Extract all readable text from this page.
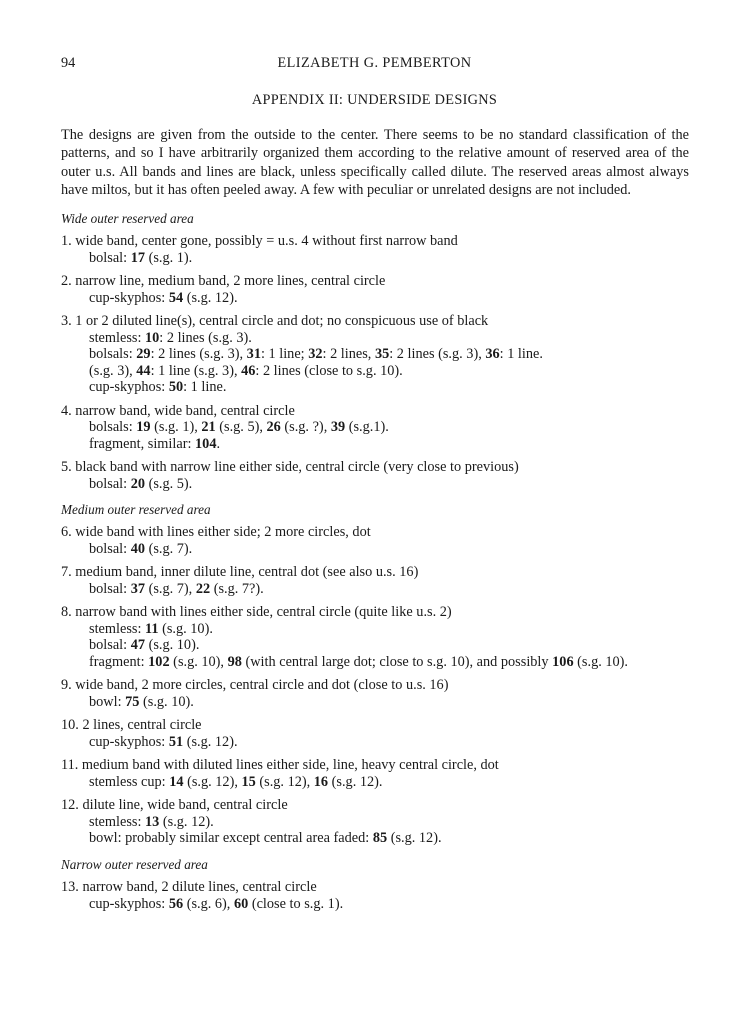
94	ELIZABETH G. PEMBERTON
APPENDIX II: UNDERSIDE DESIGNS

The designs are given from the outside to the center. There seems to be no standard classification of the patterns, and so I have arbitrarily organized them according to the relative amount of reserved area of the outer u.s. All bands and lines are black, unless specifically called dilute. The reserved areas almost always have miltos, but it has often peeled away. A few with peculiar or unrelated designs are not included.

Wide outer reserved area
1. wide band, center gone, possibly = u.s. 4 without first narrow band
bolsal: 17 (s.g. 1).
2. narrow line, medium band, 2 more lines, central circle
cup-skyphos: 54 (s.g. 12).
3. 1 or 2 diluted line(s), central circle and dot; no conspicuous use of black
stemless: 10: 2 lines (s.g. 3).
bolsals: 29: 2 lines (s.g. 3), 31: 1 line; 32: 2 lines, 35: 2 lines (s.g. 3), 36: 1 line.
(s.g. 3), 44: 1 line (s.g. 3), 46: 2 lines (close to s.g. 10).
cup-skyphos: 50: 1 line.
4. narrow band, wide band, central circle
bolsals: 19 (s.g. 1), 21 (s.g. 5), 26 (s.g. ?), 39 (s.g.1).
fragment, similar: 104.
5. black band with narrow line either side, central circle (very close to previous)
bolsal: 20 (s.g. 5).
Medium outer reserved area
6. wide band with lines either side; 2 more circles, dot
bolsal: 40 (s.g. 7).
7. medium band, inner dilute line, central dot (see also u.s. 16)
bolsal: 37 (s.g. 7), 22 (s.g. 7?).
8. narrow band with lines either side, central circle (quite like u.s. 2)
stemless: 11 (s.g. 10).
bolsal: 47 (s.g. 10).
fragment: 102 (s.g. 10), 98 (with central large dot; close to s.g. 10), and possibly 106 (s.g. 10).
9. wide band, 2 more circles, central circle and dot (close to u.s. 16)
bowl: 75 (s.g. 10).
10. 2 lines, central circle
cup-skyphos: 51 (s.g. 12).
11. medium band with diluted lines either side, line, heavy central circle, dot
stemless cup: 14 (s.g. 12), 15 (s.g. 12), 16 (s.g. 12).
12. dilute line, wide band, central circle
stemless: 13 (s.g. 12).
bowl: probably similar except central area faded: 85 (s.g. 12).
Narrow outer reserved area
13. narrow band, 2 dilute lines, central circle
cup-skyphos: 56 (s.g. 6), 60 (close to s.g. 1).
